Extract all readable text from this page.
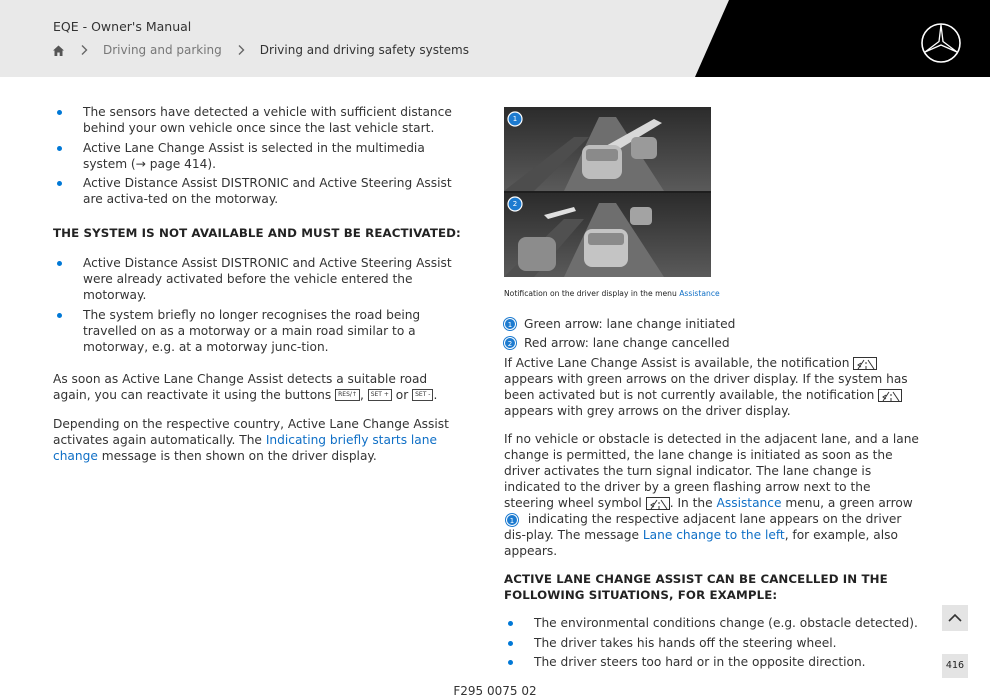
EQE - Owner's Manual
Driving and parking	Driving and driving safety systems
The sensors have detected a vehicle with sufficient distance behind your own vehicle once since the last vehicle start.
Active Lane Change Assist is selected in the multimedia system (→ page 414).
Active Distance Assist DISTRONIC and Active Steering Assist are activa-ted on the motorway.
THE SYSTEM IS NOT AVAILABLE AND MUST BE REACTIVATED:
Active Distance Assist DISTRONIC and Active Steering Assist were already activated before the vehicle entered the motorway.
The system briefly no longer recognises the road being travelled on as a motorway or a main road similar to a motorway, e.g. at a motorway junc-tion.

As soon as Active Lane Change Assist detects a suitable road again, you can reactivate it using the buttons RES/↑ , SET + or SET - .

Depending on the respective country, Active Lane Change Assist activates again automatically. The Indicating briefly starts lane change message is then shown on the driver display.

1
2
Notification on the driver display in the menu Assistance
1 Green arrow: lane change initiated
2 Red arrow: lane change cancelled

If Active Lane Change Assist is available, the notification
appears with green arrows on the driver display. If the system has been activated but is not currently available, the notification
appears with grey arrows on the driver display.

If no vehicle or obstacle is detected in the adjacent lane, and a lane change is permitted, the lane change is initiated as soon as the driver activates the turn signal indicator. The lane change is indicated to the driver by a green flashing arrow next to the steering wheel symbol . In the Assistance menu, a green arrow 1 indicating the respective adjacent lane appears on the driver dis-play. The message Lane change to the left, for example, also appears.

ACTIVE LANE CHANGE ASSIST CAN BE CANCELLED IN THE FOLLOWING SITUATIONS, FOR EXAMPLE:
The environmental conditions change (e.g. obstacle detected).
The driver takes his hands off the steering wheel.
The driver steers too hard or in the opposite direction.	416
F295 0075 02
